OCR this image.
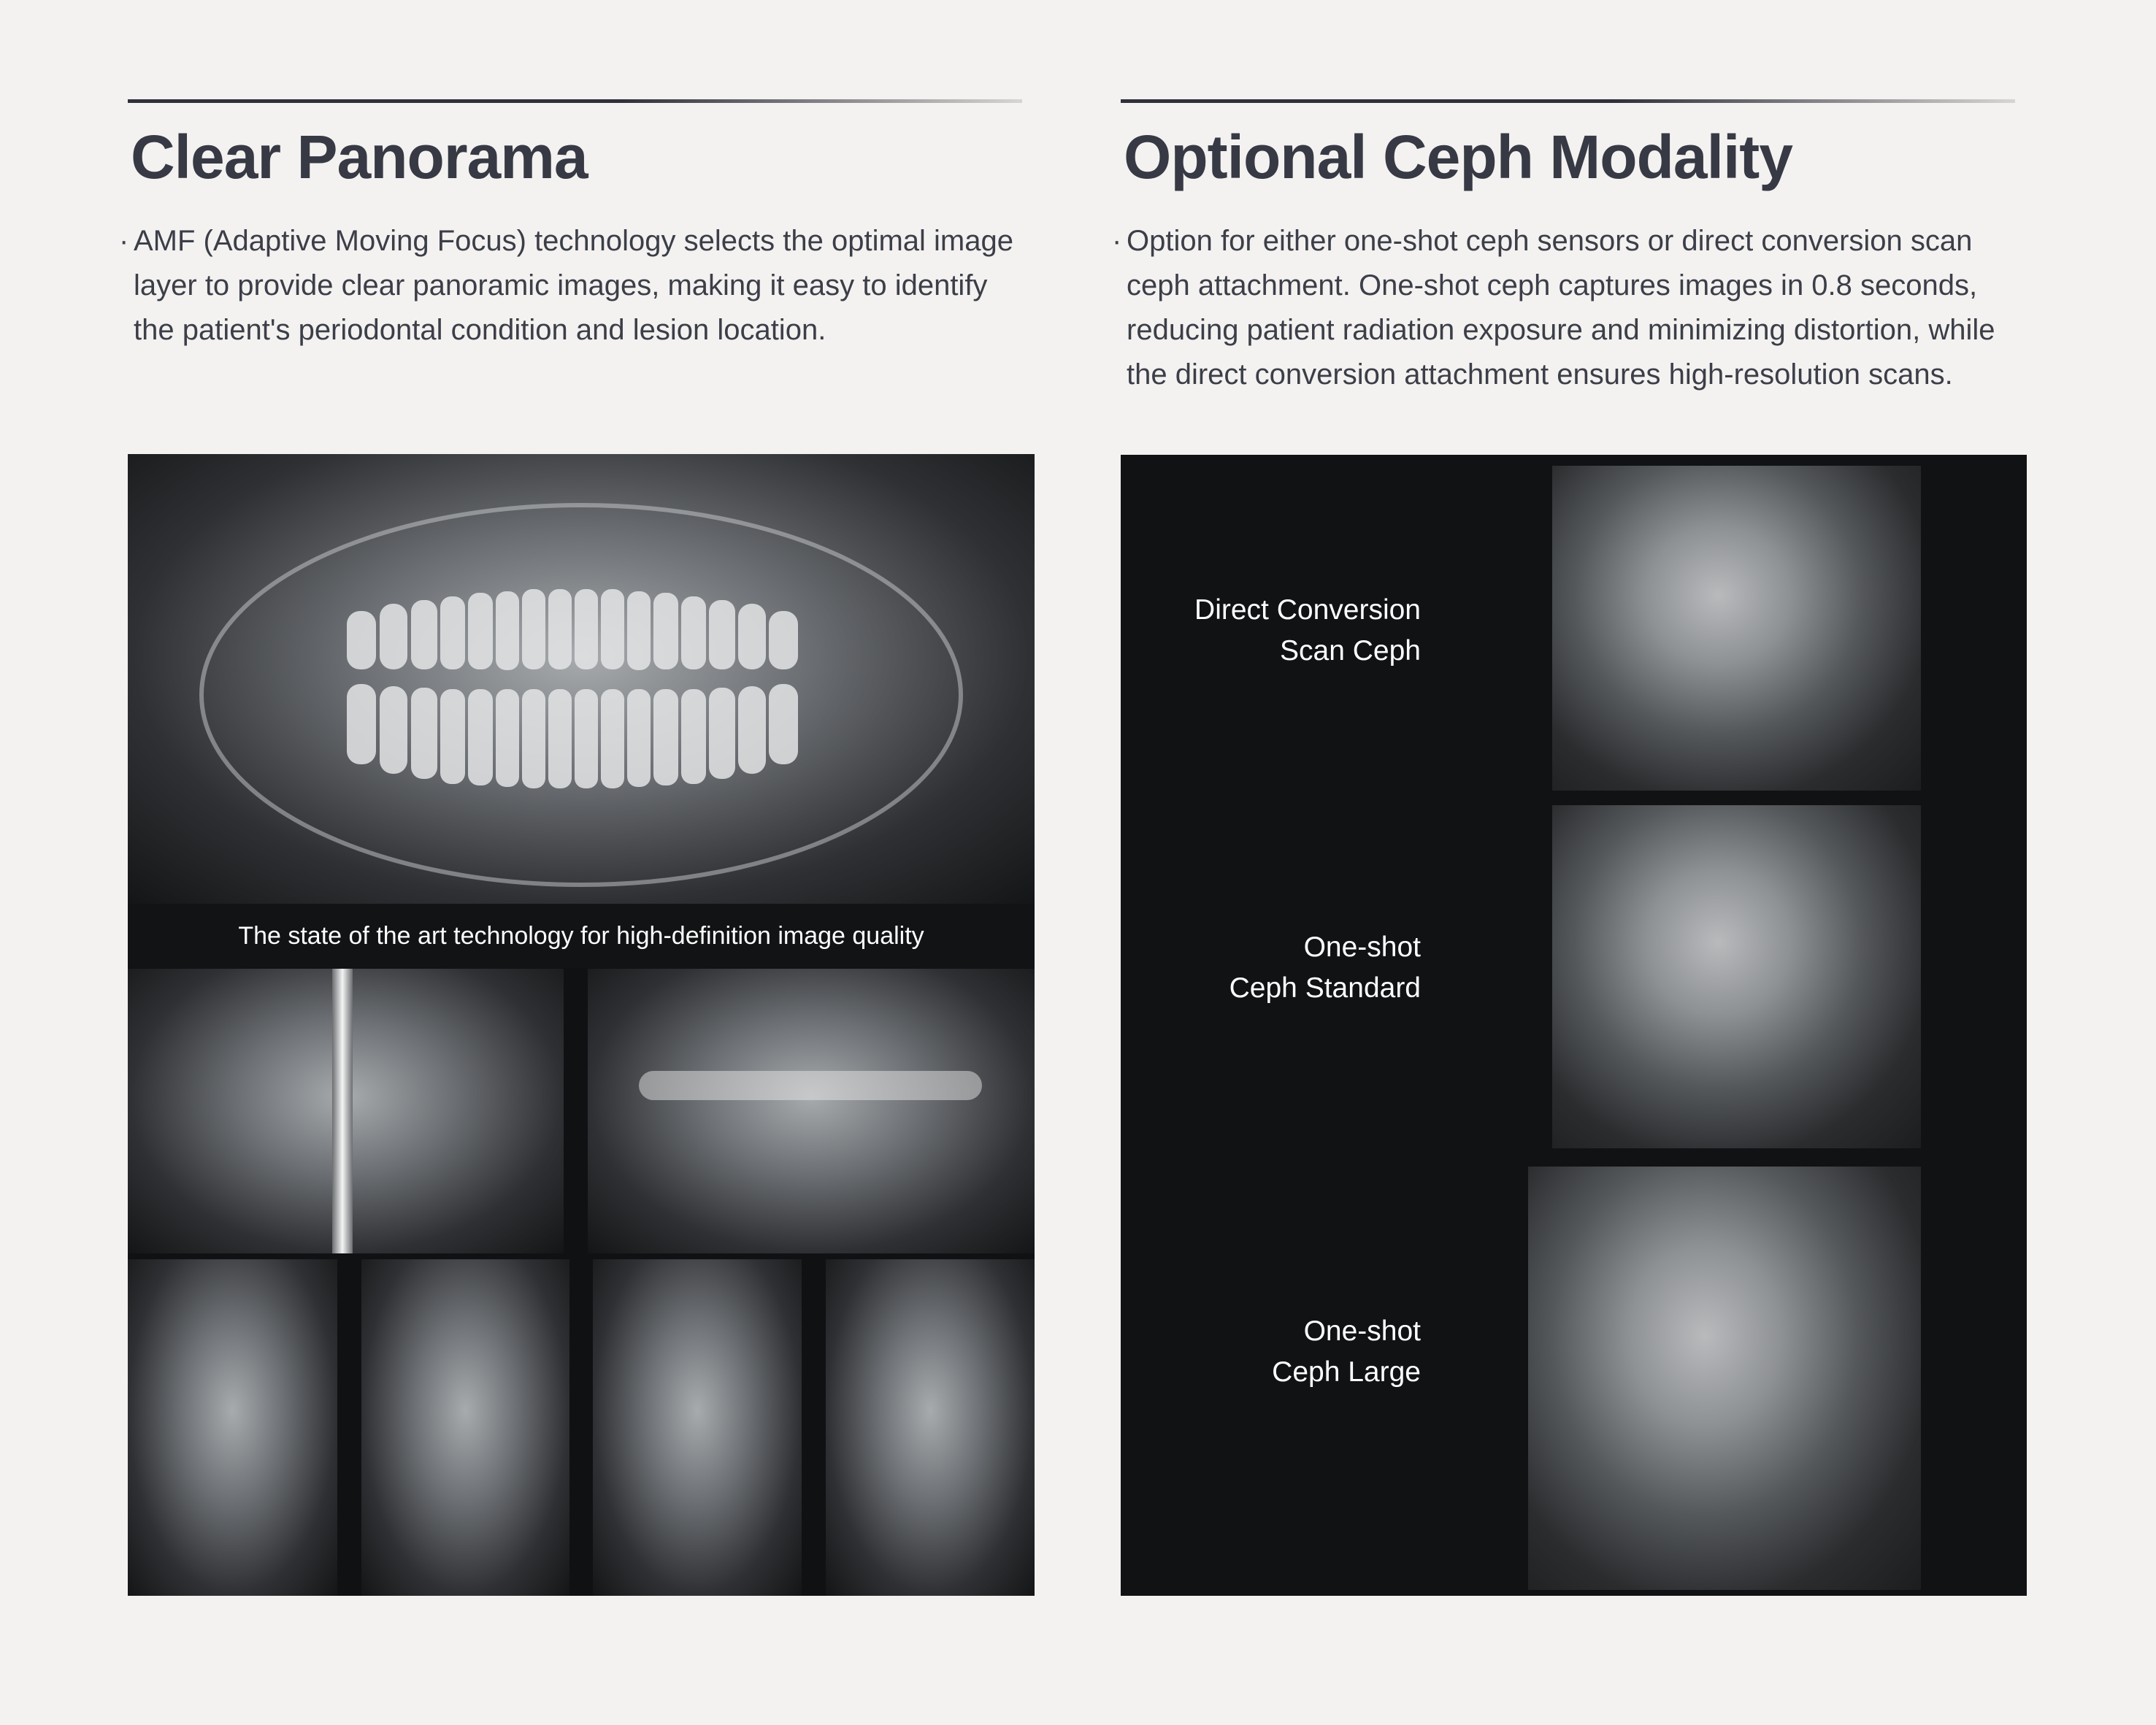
Clear Panorama
· AMF (Adaptive Moving Focus) technology selects the optimal image layer to provide clear panoramic images, making it easy to identify the patient's periodontal condition and lesion location.
Optional Ceph Modality
· Option for either one-shot ceph sensors or direct conversion scan ceph attachment. One-shot ceph captures images in 0.8 seconds, reducing patient radiation exposure and minimizing distortion, while the direct conversion attachment ensures high-resolution scans.
The state of the art technology for high-definition image quality
Direct Conversion
Scan Ceph
One-shot
Ceph Standard
One-shot
Ceph Large
